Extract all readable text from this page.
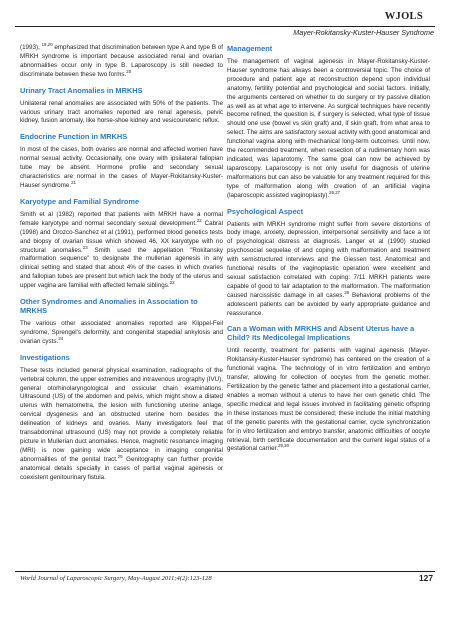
WJOLS
Mayer-Rokitansky-Kuster-Hauser Syndrome

(1993), $^{19,20}$ emphasized that discrimination between type A and type B of MRKH syndrome is important because associated renal and ovarian abnormalities occur only in type B. Laparoscopy is still needed to discriminate between these two forms.$^{20}$

Urinary Tract Anomalies in MRKHS

Unilateral renal anomalies are associated with 50% of the patients. The various urinary tract anomalies reported are renal agenesis, pelvic kidney, fusion anomaly, like horse-shoe kidney and vesicoureteric reflux.

Endocrine Function in MRKHS

In most of the cases, both ovaries are normal and affected women have normal sexual activity. Occasionally, one ovary with ipsilateral fallopian tube may be absent. Hormone profile and secondary sexual characteristics are normal in the cases of Mayer-Rokitansky-Kuster-Hauser syndrome.$^{21}$

Karyotype and Familial Syndrome

Smith et al (1982) reported that patients with MRKH have a normal female karyotype and normal secondary sexual development.$^{22}$ Cabral (1998) and Orozco-Sanchez et al (1991), performed blood genetics tests and biopsy of ovarian tissue which showed 46, XX karyotype with no structural anomalies.$^{23}$ Smith used the appellation "Rokitansky malformation sequence" to designate the mullerian agenesis in any clinical setting and stated that about 4% of the cases in which ovaries and fallopian tubes are present but which lack the body of the uterus and upper vagina are familial with affected female siblings.$^{22}$

Other Syndromes and Anomalies in Association to MRKHS

The various other associated anomalies reported are Klippel-Feil syndrome, Sprengel's deformity, and congenital stapedial ankylosis and ovarian cysts.$^{24}$

Investigations

These tests included general physical examination, radiographs of the vertebral column, the upper extremities and intravenous urography (IVU), general otorhinolaryngological and ossicular chain examinations. Ultrasound (US) of the abdomen and pelvis, which might show a dilated uterus with hematometra, the lesion with functioning uterine anlage, cervical dysgenesis and an obstructed uterine horn besides the delineation of kidneys and ovaries. Many investigators feel that transabdominal ultrasound (US) may not provide a completely reliable picture in Mullerian duct anomalies. Hence, magnetic resonance imaging (MRI) is now gaining wide acceptance in imaging congenital abnormalities of the genital tract.$^{25}$ Genitography can further provide anatomical details specially in cases of partial vaginal agenesis or coexistent genitourinary fistula.

Management

The management of vaginal agenesis in Mayer-Rokitansky-Kuster-Hauser syndrome has always been a controversial topic. The choice of procedure and patient age at reconstruction depend upon individual anatomy, fertility potential and psychological and social factors. Initially, the arguments centered on whether to do surgery or try passive dilation as well as at what age to intervene. As surgical techniques have recently become refined, the question is, if surgery is selected, what type of tissue should one use (bowel vs skin graft) and, if skin graft, from what area to select. The aims are satisfactory sexual activity with good anatomical and functional vagina along with mechanical long-term outcomes. Until now, the recommended treatment, when resection of a rudimentary horn was indicated, was laparotomy. The same goal can now be achieved by laparoscopy. Laparoscopy is not only useful for diagnosis of uterine malformations but can also be valuable for any treatment required for this type of malformation along with creation of an artificial vagina (laparoscopic assisted vaginoplasty).$^{26,27}$

Psychological Aspect

Patients with MRKH syndrome might suffer from severe distortions of body image, anxiety, depression, interpersonal sensitivity and face a lot of psychological distress at diagnosis. Langer et al (1990) studied psychosocial sequelae of and coping with malformation and treatment with semistructured interviews and the Giessen test. Anatomical and functional results of the vaginoplastic operation were excellent and sexual satisfaction correlated with coping: 7/11 MRKH patients were capable of good to fair adaptation to the malformation. The malformation caused narcissistic damage in all cases.$^{28}$ Behavioral problems of the adolescent patients can be avoided by early appropriate guidance and reassurance.

Can a Woman with MRKHS and Absent Uterus have a Child? Its Medicolegal Implications

Until recently, treatment for patients with vaginal agenesis (Mayer-Rokitansky-Kuster-Hauser syndrome) has centered on the creation of a functional vagina. The technology of in vitro fertilization and embryo transfer, allowing for collection of oocytes from the genetic mother. Fertilization by the genetic father and placement into a gestational carrier, enables a woman without a uterus to have her own genetic child. The specific medical and legal issues involved in facilitating genetic offspring in these instances must be considered; these include the initial matching of the genetic parents with the gestational carrier, cycle synchronization for in vitro fertilization and embryo transfer, anatomic difficulties of oocyte retrieval, birth certificate documentation and the current legal status of a gestational carrier.$^{29,30}$

World Journal of Laparoscopic Surgery, May-August 2011;4(2):123-128	127
